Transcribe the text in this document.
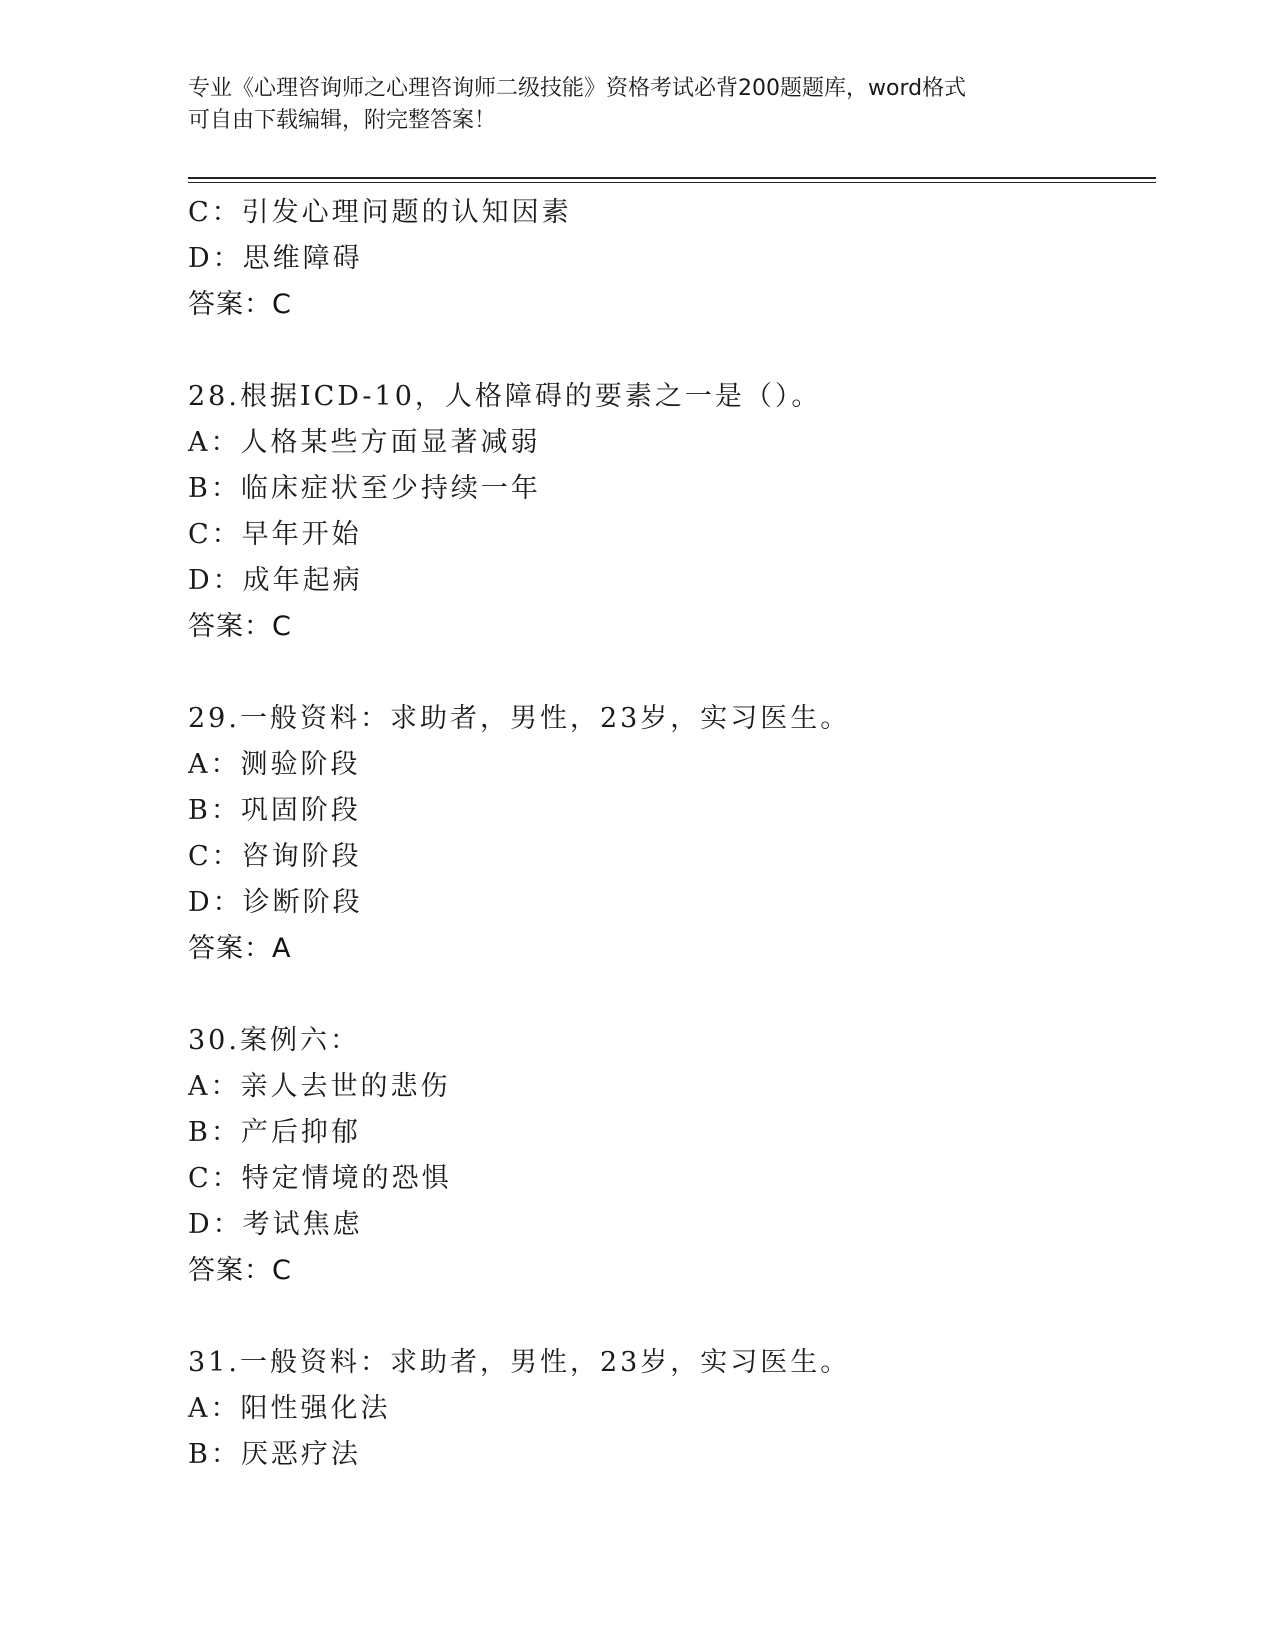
专业《心理咨询师之心理咨询师二级技能》资格考试必背200题题库，word格式
可自由下载编辑，附完整答案！
C：引发心理问题的认知因素
D：思维障碍
答案：C
28.根据ICD-10，人格障碍的要素之一是（）。
A：人格某些方面显著减弱
B：临床症状至少持续一年
C：早年开始
D：成年起病
答案：C
29.一般资料：求助者，男性，23岁，实习医生。
A：测验阶段
B：巩固阶段
C：咨询阶段
D：诊断阶段
答案：A
30.案例六：
A：亲人去世的悲伤
B：产后抑郁
C：特定情境的恐惧
D：考试焦虑
答案：C
31.一般资料：求助者，男性，23岁，实习医生。
A：阳性强化法
B：厌恶疗法
